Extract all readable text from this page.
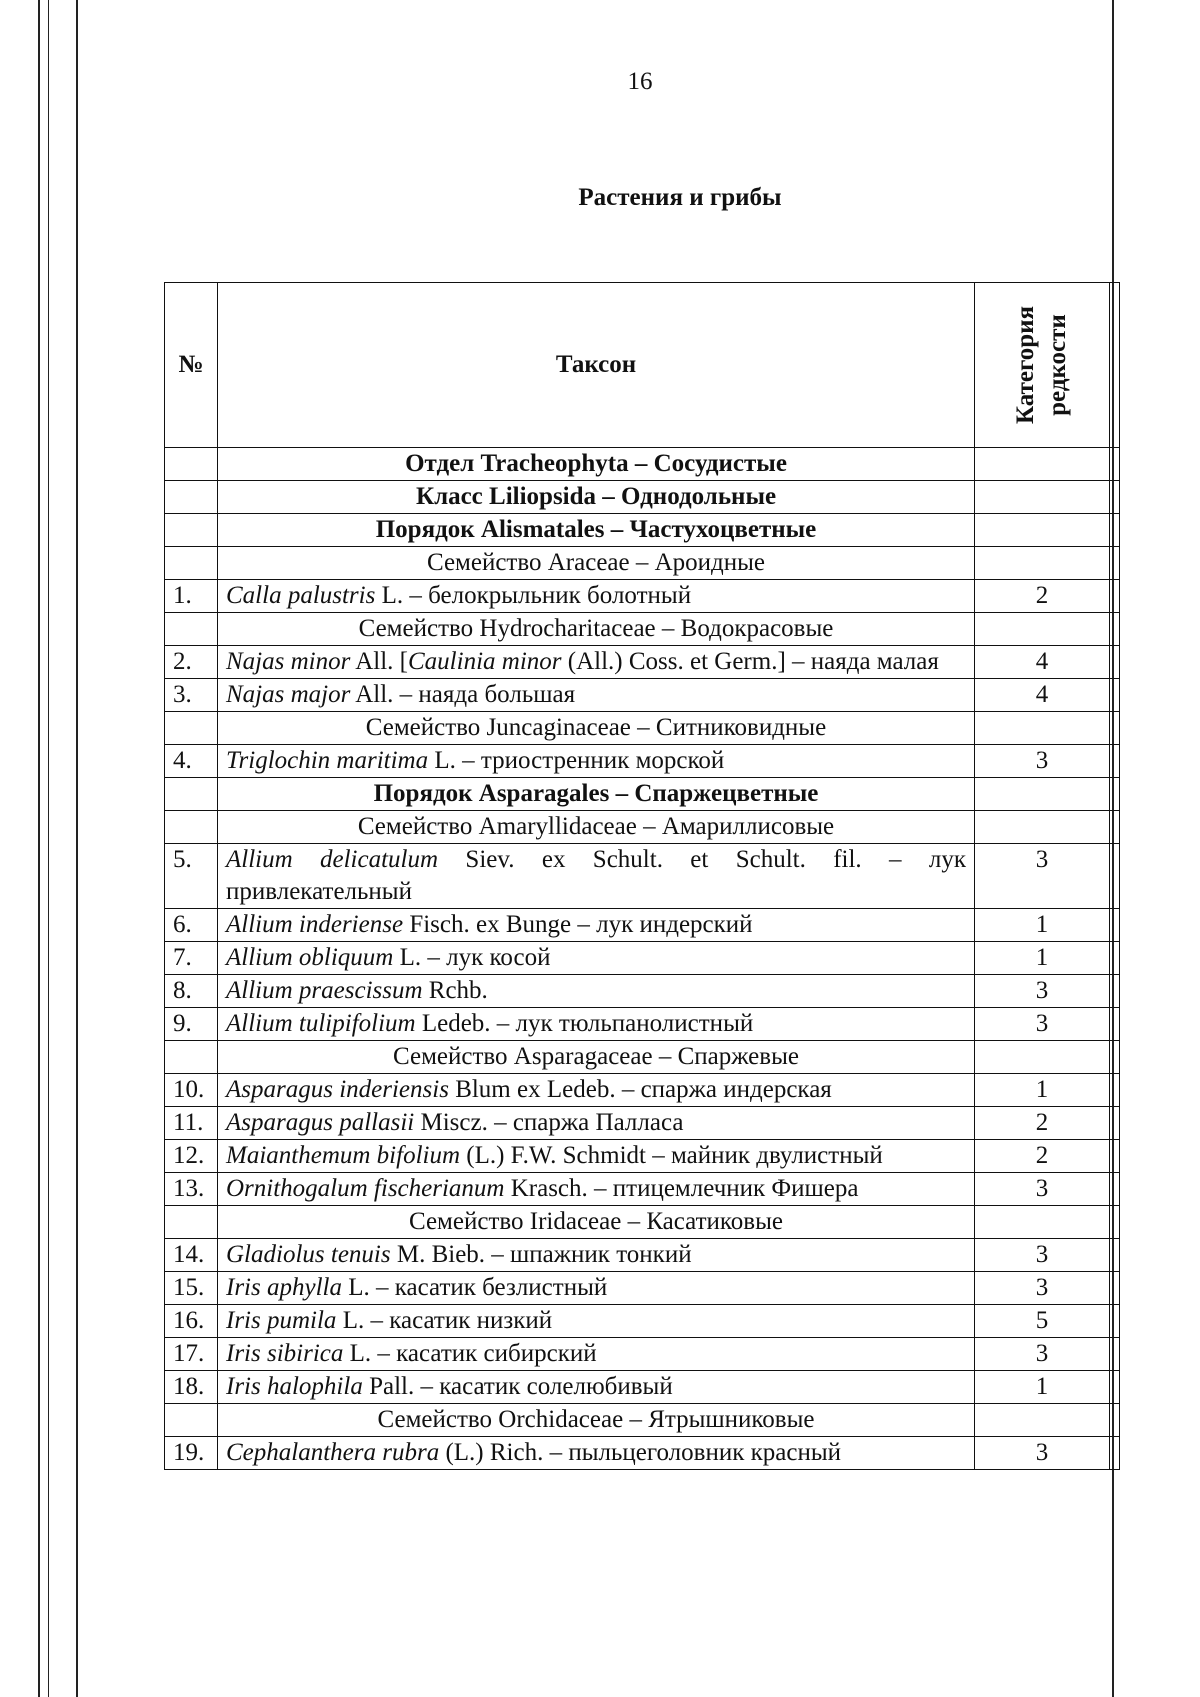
16
Растения и грибы
№	Таксон	Категория редкости	
	Отдел Tracheophyta – Сосудистые		
	Класс Liliopsida – Однодольные		
	Порядок Alismatales – Частухоцветные		
	Семейство Araceae – Ароидные		
1.	Calla palustris L. – белокрыльник болотный	2	
	Семейство Hydrocharitaceae – Водокрасовые		
2.	Najas minor All. [Caulinia minor (All.) Coss. et Germ.] – наяда малая	4	
3.	Najas major All. – наяда большая	4	
	Семейство Juncaginaceae – Ситниковидные		
4.	Triglochin maritima L. – триостренник морской	3	
	Порядок Asparagales – Спаржецветные		
	Семейство Amaryllidaceae – Амариллисовые		
5.	Allium delicatulum Siev. ex Schult. et Schult. fil. – лук привлекательный	3	
6.	Allium inderiense Fisch. ex Bunge – лук индерский	1	
7.	Allium obliquum L. – лук косой	1	
8.	Allium praescissum Rchb.	3	
9.	Allium tulipifolium Ledeb. – лук тюльпанолистный	3	
	Семейство Asparagaceae – Спаржевые		
10.	Asparagus inderiensis Blum ex Ledeb. – спаржа индерская	1	
11.	Asparagus pallasii Miscz. – спаржа Палласа	2	
12.	Maianthemum bifolium (L.) F.W. Schmidt – майник двулистный	2	
13.	Ornithogalum fischerianum Krasch. – птицемлечник Фишера	3	
	Семейство Iridaceae – Касатиковые		
14.	Gladiolus tenuis M. Bieb. – шпажник тонкий	3	
15.	Iris aphylla L. – касатик безлистный	3	
16.	Iris pumila L. – касатик низкий	5	
17.	Iris sibirica L. – касатик сибирский	3	
18.	Iris halophila Pall. – касатик солелюбивый	1	
	Семейство Orchidaceae – Ятрышниковые		
19.	Cephalanthera rubra (L.) Rich. – пыльцеголовник красный	3	
